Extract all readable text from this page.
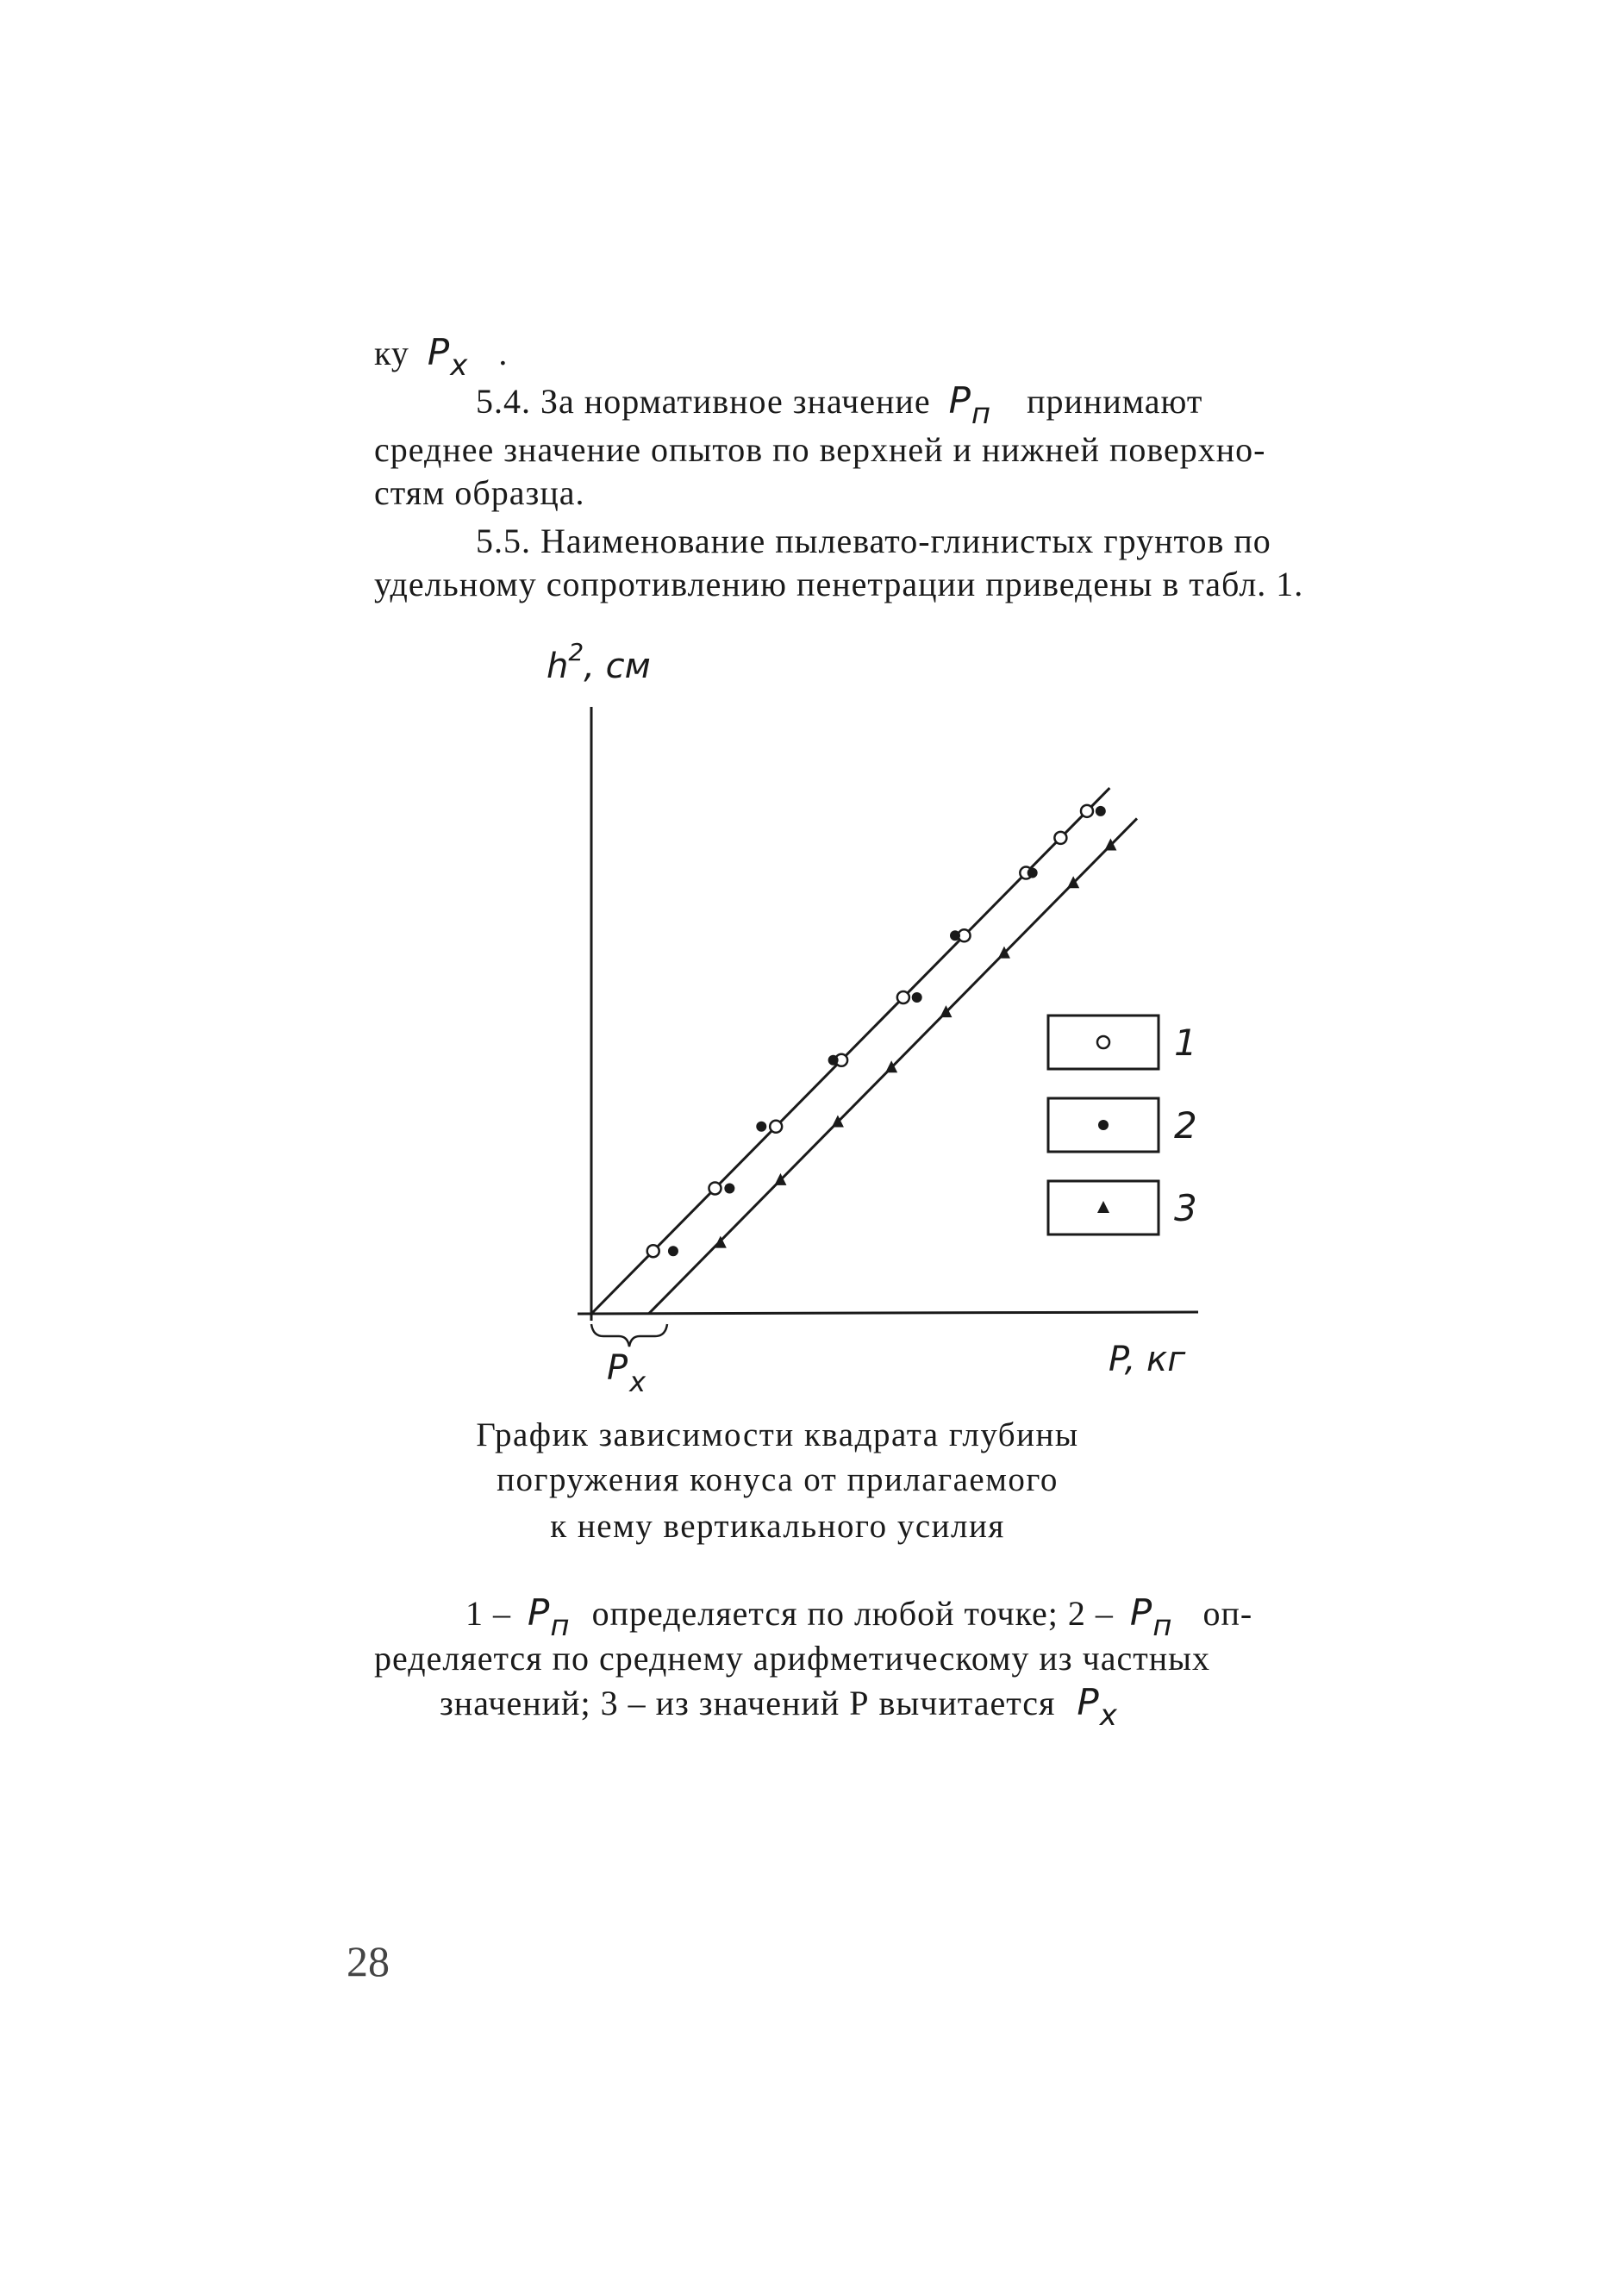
ку $P_x$ .
5.4. За нормативное значение $P_п$ принимают
среднее значение опытов по верхней и нижней поверхно-
стям образца.
5.5. Наименование пылевато-глинистых грунтов по
удельному сопротивлению пенетрации приведены в табл. 1.
$h^2$, см
P, кг
$P_x$
1
2
3
График зависимости квадрата глубины
погружения конуса от прилагаемого
к нему вертикального усилия
$1 - P_п$ определяется по любой точке; $2 - P_п$ оп-
ределяется по среднему арифметическому из частных
значений; 3 – из значений Р вычитается $P_x$
28
